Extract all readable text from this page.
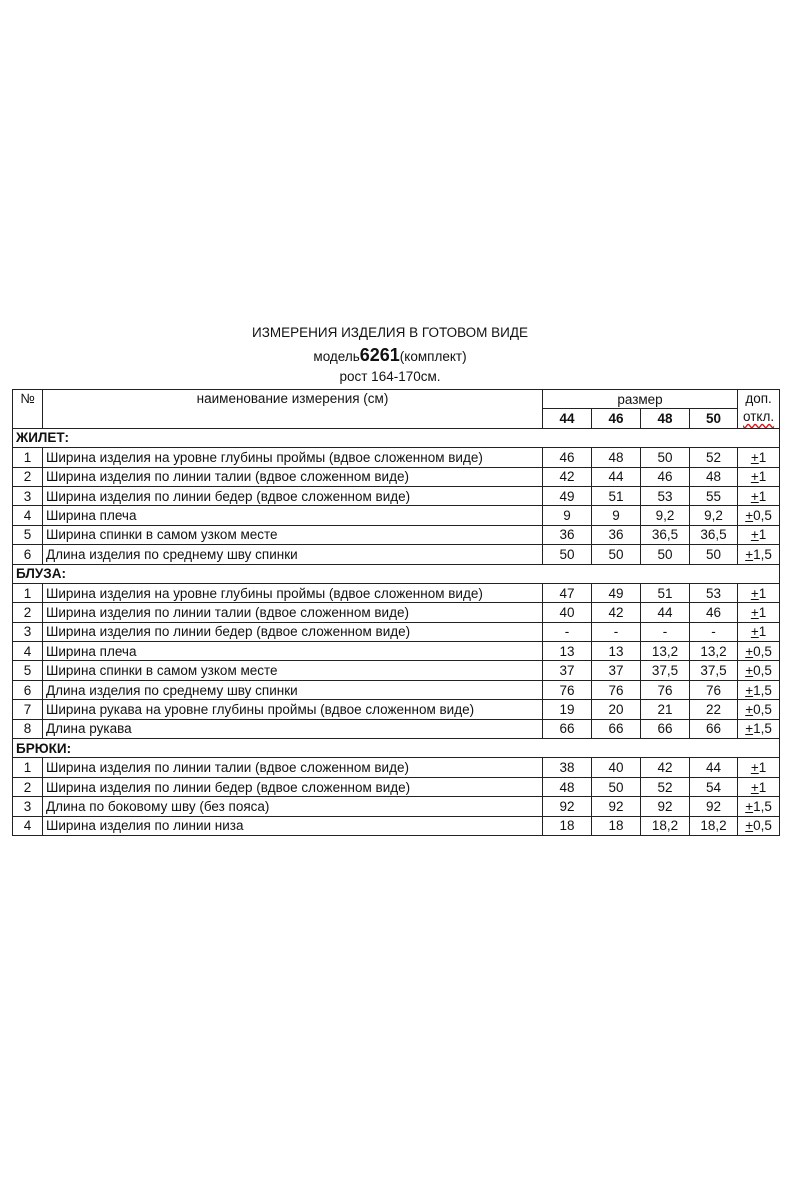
ИЗМЕРЕНИЯ ИЗДЕЛИЯ В ГОТОВОМ ВИДЕ
модель6261(комплект)
рост 164-170см.
№	наименование измерения (см)	размер				доп.
откл.

		44	46	48	50	
ЖИЛЕТ:						
1	Ширина изделия на уровне глубины проймы (вдвое сложенном виде)	46	48	50	52	+1
2	Ширина изделия по линии талии (вдвое сложенном виде)	42	44	46	48	+1
3	Ширина изделия по линии бедер (вдвое сложенном виде)	49	51	53	55	+1
4	Ширина плеча	9	9	9,2	9,2	+0,5
5	Ширина спинки в самом узком месте	36	36	36,5	36,5	+1
6	Длина изделия по среднему шву спинки	50	50	50	50	+1,5
БЛУЗА:						
1	Ширина изделия на уровне глубины проймы (вдвое сложенном виде)	47	49	51	53	+1
2	Ширина изделия по линии талии (вдвое сложенном виде)	40	42	44	46	+1
3	Ширина изделия по линии бедер (вдвое сложенном виде)	-	-	-	-	+1
4	Ширина плеча	13	13	13,2	13,2	+0,5
5	Ширина спинки в самом узком месте	37	37	37,5	37,5	+0,5
6	Длина изделия по среднему шву спинки	76	76	76	76	+1,5
7	Ширина рукава на уровне глубины проймы (вдвое сложенном виде)	19	20	21	22	+0,5
8	Длина рукава	66	66	66	66	+1,5
БРЮКИ:						
1	Ширина изделия по линии талии (вдвое сложенном виде)	38	40	42	44	+1
2	Ширина изделия по линии бедер (вдвое сложенном виде)	48	50	52	54	+1
3	Длина по боковому шву (без пояса)	92	92	92	92	+1,5
4	Ширина изделия по линии низа	18	18	18,2	18,2	+0,5
